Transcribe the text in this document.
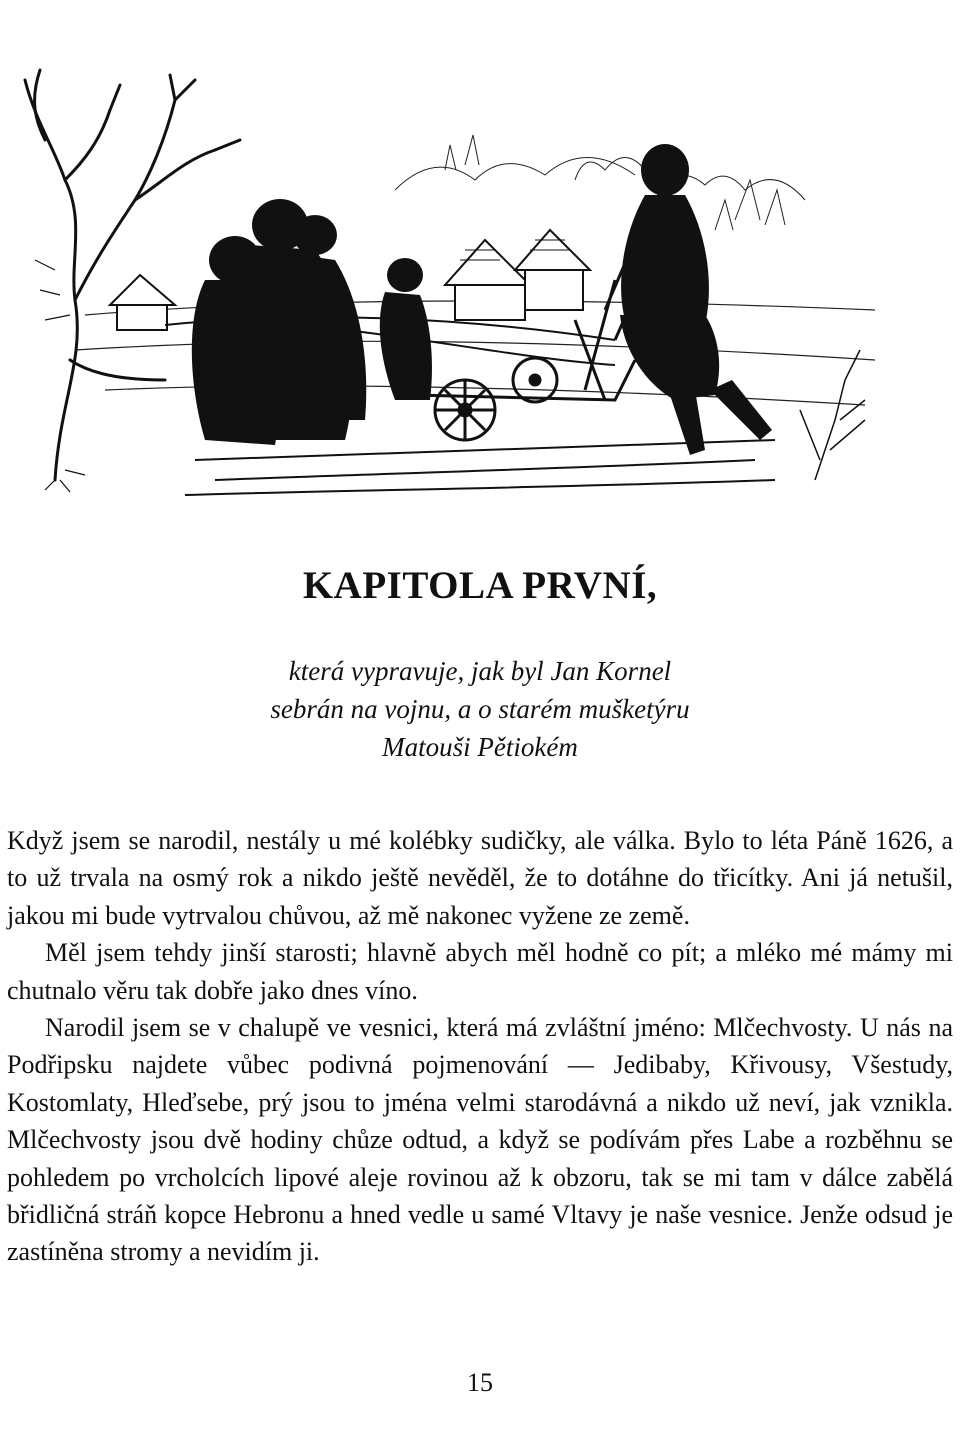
KAPITOLA PRVNÍ,
která vypravuje, jak byl Jan Kornel
sebrán na vojnu, a o starém mušketýru
Matouši Pětiokém

Když jsem se narodil, nestály u mé kolébky sudičky, ale válka. Bylo to léta Páně 1626, a to už trvala na osmý rok a nikdo ještě nevěděl, že to dotáhne do třicítky. Ani já netušil, jakou mi bude vytrvalou chůvou, až mě nakonec vyžene ze země.

Měl jsem tehdy jinší starosti; hlavně abych měl hodně co pít; a mléko mé mámy mi chutnalo věru tak dobře jako dnes víno.

Narodil jsem se v chalupě ve vesnici, která má zvláštní jméno: Mlčechvosty. U nás na Podřipsku najdete vůbec podivná pojmenování — Jedibaby, Křivousy, Všestudy, Kostomlaty, Hleďsebe, prý jsou to jména velmi starodávná a nikdo už neví, jak vznikla. Mlčechvosty jsou dvě hodiny chůze odtud, a když se podívám přes Labe a rozběhnu se pohledem po vrcholcích lipové aleje rovinou až k obzoru, tak se mi tam v dálce zabělá břidličná stráň kopce Hebronu a hned vedle u samé Vltavy je naše vesnice. Jenže odsud je zastíněna stromy a nevidím ji.

15
